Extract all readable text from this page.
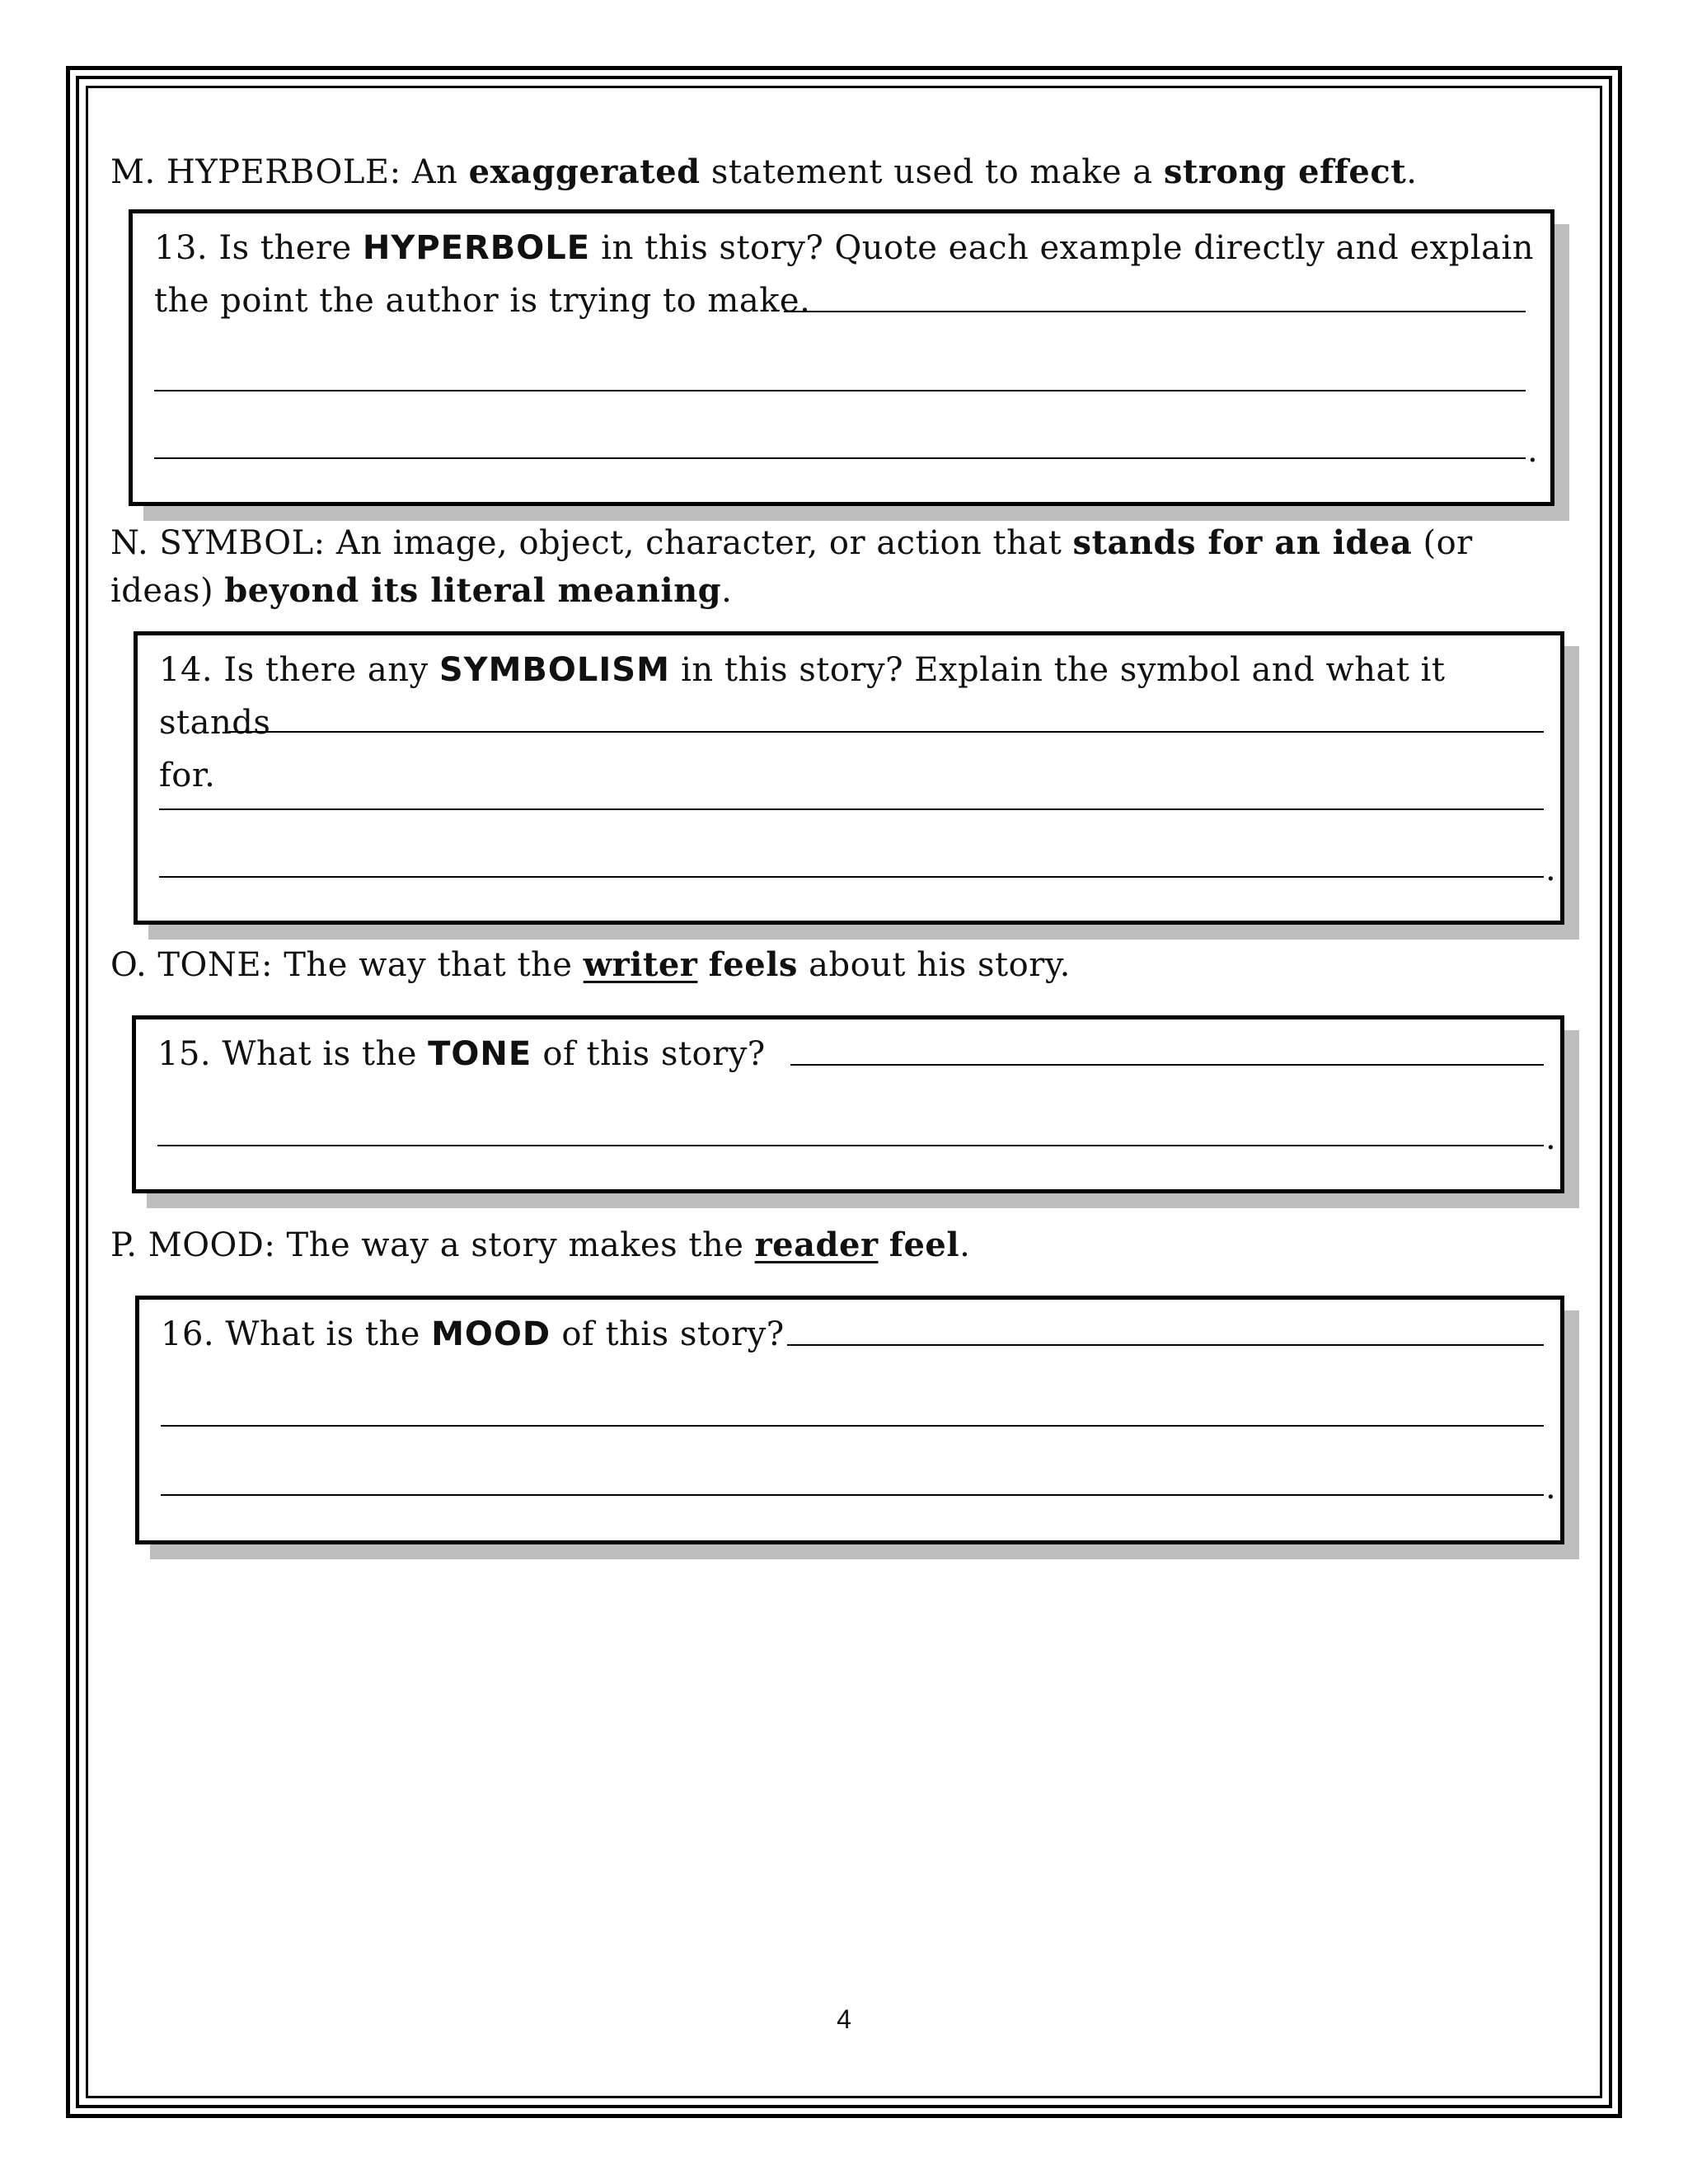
M. HYPERBOLE: An exaggerated statement used to make a strong effect.
13. Is there HYPERBOLE in this story? Quote each example directly and explain
the point the author is trying to make.
.
N. SYMBOL: An image, object, character, or action that stands for an idea (or ideas) beyond its literal meaning.
14. Is there any SYMBOLISM in this story? Explain the symbol and what it stands
for.
.
O. TONE: The way that the writer feels about his story.
15. What is the TONE of this story?
.
P. MOOD: The way a story makes the reader feel.
16. What is the MOOD of this story?
.
4
